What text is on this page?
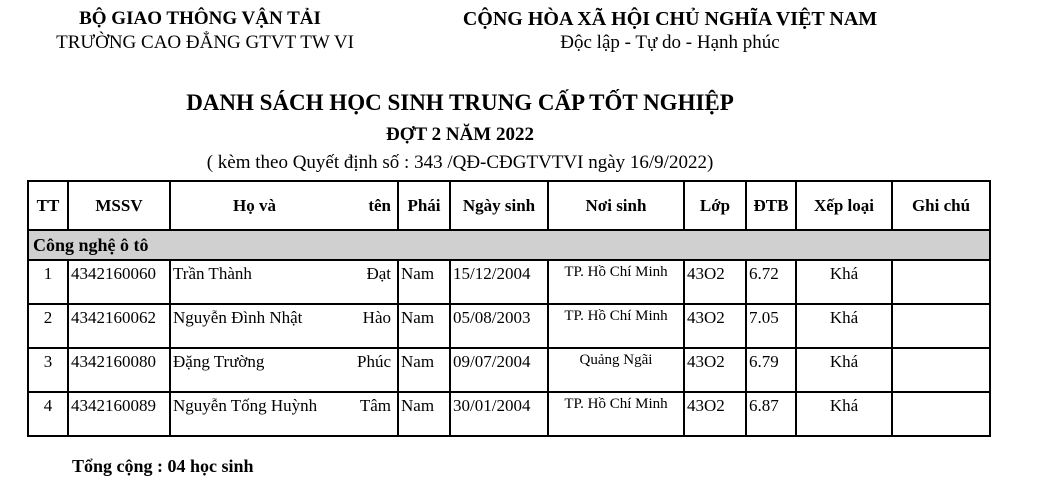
BỘ GIAO THÔNG VẬN TẢI
TRƯỜNG CAO ĐẲNG GTVT TW VI
CỘNG HÒA XÃ HỘI CHỦ NGHĨA VIỆT NAM
Độc lập - Tự do - Hạnh phúc
DANH SÁCH HỌC SINH TRUNG CẤP TỐT NGHIỆP
ĐỢT 2 NĂM 2022
( kèm theo Quyết định số : 343 /QĐ-CĐGTVTVI ngày 16/9/2022)
TT	MSSV	Họ và tên	Phái	Ngày sinh	Nơi sinh	Lớp	ĐTB	Xếp loại	Ghi chú
Công nghệ ô tô									
1	4342160060	Trần Thành Đạt	Nam	15/12/2004	TP. Hồ Chí Minh	43O2	6.72	Khá	
2	4342160062	Nguyễn Đình Nhật Hào	Nam	05/08/2003	TP. Hồ Chí Minh	43O2	7.05	Khá	
3	4342160080	Đặng Trường Phúc	Nam	09/07/2004	Quảng Ngãi	43O2	6.79	Khá	
4	4342160089	Nguyễn Tống Huỳnh Tâm	Nam	30/01/2004	TP. Hồ Chí Minh	43O2	6.87	Khá	
Tổng cộng : 04 học sinh
